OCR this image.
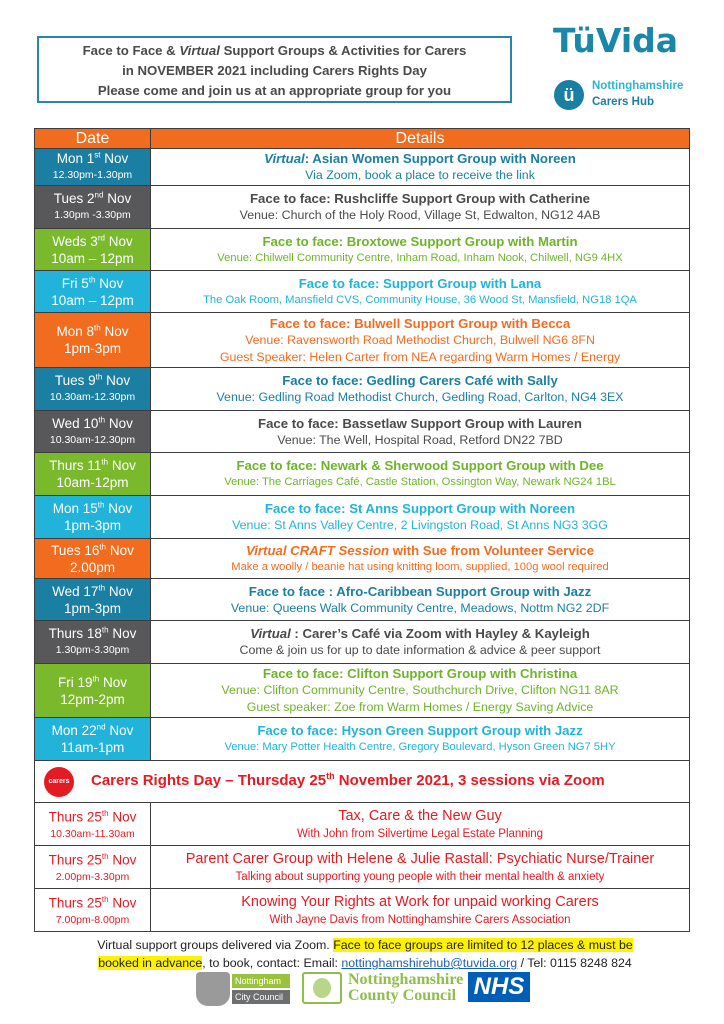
Face to Face & Virtual Support Groups & Activities for Carers
in NOVEMBER 2021 including Carers Rights Day
Please come and join us at an appropriate group for you
TüVida
ü	Nottinghamshire
Carers Hub
Date	Details

Mon 1st Nov
12.30pm-1.30pm	Virtual: Asian Women Support Group with Noreen
Via Zoom, book a place to receive the link

Tues 2nd Nov
1.30pm -3.30pm	Face to face: Rushcliffe Support Group with Catherine
Venue: Church of the Holy Rood, Village St, Edwalton, NG12 4AB

Weds 3rd Nov
10am – 12pm	Face to face: Broxtowe Support Group with Martin
Venue: Chilwell Community Centre, Inham Road, Inham Nook, Chilwell, NG9 4HX

Fri 5th Nov
10am – 12pm	Face to face: Support Group with Lana
The Oak Room, Mansfield CVS, Community House, 36 Wood St, Mansfield, NG18 1QA

Mon 8th Nov
1pm-3pm	Face to face: Bulwell Support Group with Becca
Venue: Ravensworth Road Methodist Church, Bulwell NG6 8FN
Guest Speaker: Helen Carter from NEA regarding Warm Homes / Energy

Tues 9th Nov
10.30am-12.30pm	Face to face: Gedling Carers Café with Sally
Venue: Gedling Road Methodist Church, Gedling Road, Carlton, NG4 3EX

Wed 10th Nov
10.30am-12.30pm	Face to face: Bassetlaw Support Group with Lauren
Venue: The Well, Hospital Road, Retford DN22 7BD

Thurs 11th Nov
10am-12pm	Face to face: Newark & Sherwood Support Group with Dee
Venue: The Carriages Café, Castle Station, Ossington Way, Newark NG24 1BL

Mon 15th Nov
1pm-3pm	Face to face: St Anns Support Group with Noreen
Venue: St Anns Valley Centre, 2 Livingston Road, St Anns NG3 3GG

Tues 16th Nov
2.00pm	Virtual CRAFT Session with Sue from Volunteer Service
Make a woolly / beanie hat using knitting loom, supplied, 100g wool required

Wed 17th Nov
1pm-3pm	Face to face : Afro-Caribbean Support Group with Jazz
Venue: Queens Walk Community Centre, Meadows, Nottm NG2 2DF

Thurs 18th Nov
1.30pm-3.30pm	Virtual : Carer’s Café via Zoom with Hayley & Kayleigh
Come & join us for up to date information & advice & peer support

Fri 19th Nov
12pm-2pm	Face to face: Clifton Support Group with Christina
Venue: Clifton Community Centre, Southchurch Drive, Clifton NG11 8AR
Guest speaker: Zoe from Warm Homes / Energy Saving Advice

Mon 22nd Nov
11am-1pm	Face to face: Hyson Green Support Group with Jazz
Venue: Mary Potter Health Centre, Gregory Boulevard, Hyson Green NG7 5HY

carers Carers Rights Day – Thursday 25th November 2021, 3 sessions via Zoom	

Thurs 25th Nov
10.30am-11.30am	Tax, Care & the New Guy
With John from Silvertime Legal Estate Planning

Thurs 25th Nov
2.00pm-3.30pm	Parent Carer Group with Helene & Julie Rastall: Psychiatic Nurse/Trainer
Talking about supporting young people with their mental health & anxiety

Thurs 25th Nov
7.00pm-8.00pm	Knowing Your Rights at Work for unpaid working Carers
With Jayne Davis from Nottinghamshire Carers Association
Virtual support groups delivered via Zoom. Face to face groups are limited to 12 places & must be
booked in advance, to book, contact: Email: nottinghamshirehub@tuvida.org / Tel: 0115 8248 824
Nottingham
City Council
Nottinghamshire
County Council NHS
